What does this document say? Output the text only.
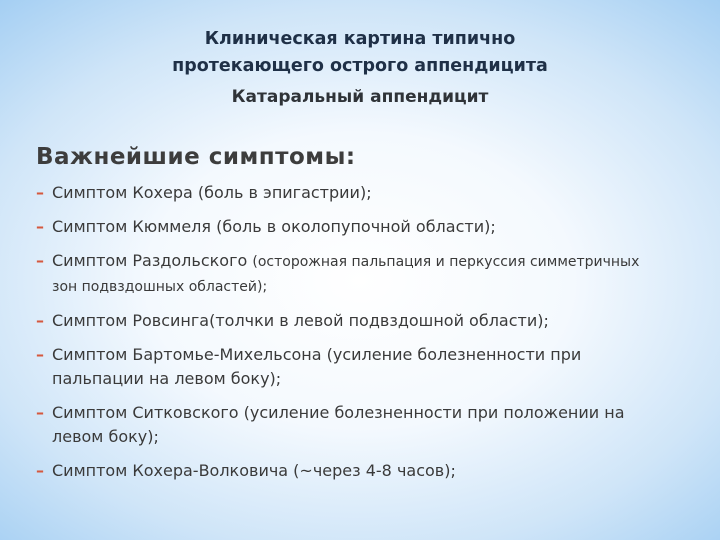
Клиническая картина типично
протекающего острого аппендицита
Катаральный аппендицит
Важнейшие симптомы:
– Симптом Кохера (боль в эпигастрии);
– Симптом Кюммеля (боль в околопупочной области);
– Симптом Раздольского (осторожная пальпация и перкуссия симметричных зон подвздошных областей);
– Симптом Ровсинга(толчки в левой подвздошной области);
– Симптом Бартомье-Михельсона (усиление болезненности при пальпации на левом боку);
– Симптом Ситковского (усиление болезненности при положении на левом боку);
– Симптом Кохера-Волковича (~через 4-8 часов);
